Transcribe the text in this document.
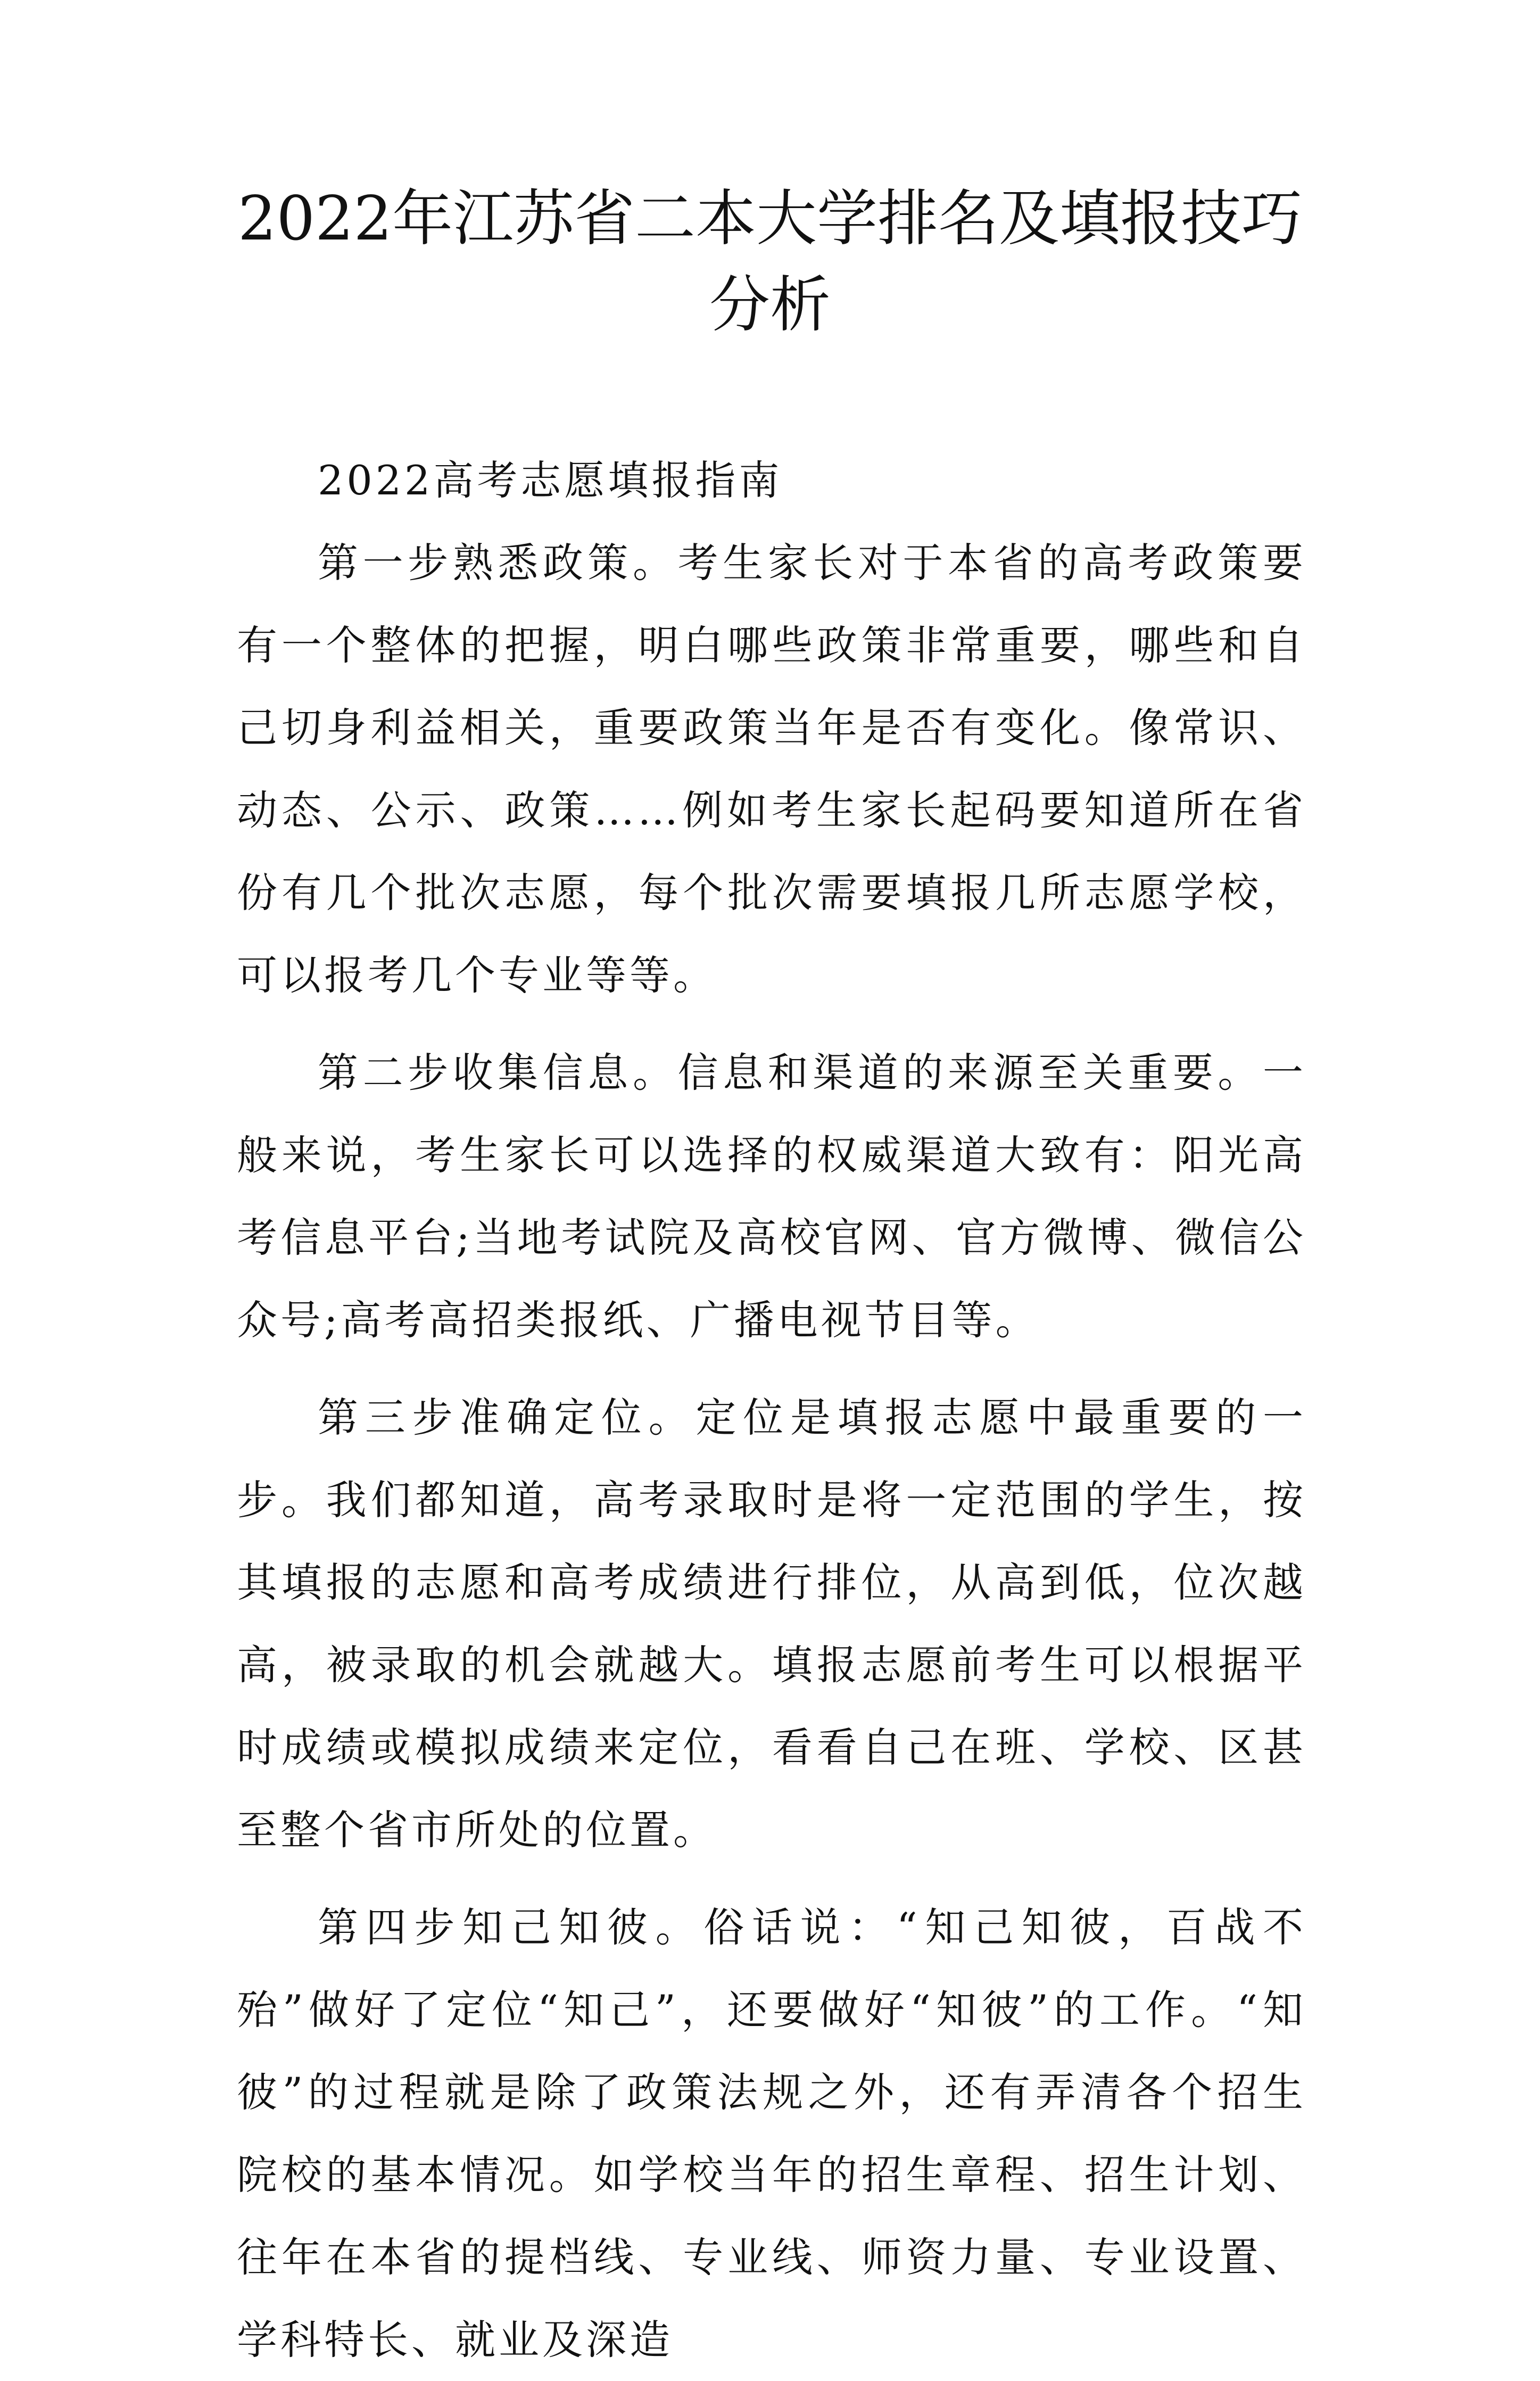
2022年江苏省二本大学排名及填报技巧分析

2022高考志愿填报指南

第一步熟悉政策。考生家长对于本省的高考政策要有一个整体的把握，明白哪些政策非常重要，哪些和自己切身利益相关，重要政策当年是否有变化。像常识、动态、公示、政策……例如考生家长起码要知道所在省份有几个批次志愿，每个批次需要填报几所志愿学校，可以报考几个专业等等。

第二步收集信息。信息和渠道的来源至关重要。一般来说，考生家长可以选择的权威渠道大致有：阳光高考信息平台;当地考试院及高校官网、官方微博、微信公众号;高考高招类报纸、广播电视节目等。

第三步准确定位。定位是填报志愿中最重要的一步。我们都知道，高考录取时是将一定范围的学生，按其填报的志愿和高考成绩进行排位，从高到低，位次越高，被录取的机会就越大。填报志愿前考生可以根据平时成绩或模拟成绩来定位，看看自己在班、学校、区甚至整个省市所处的位置。

第四步知己知彼。俗话说：“知己知彼，百战不殆”做好了定位“知己”，还要做好“知彼”的工作。“知彼”的过程就是除了政策法规之外，还有弄清各个招生院校的基本情况。如学校当年的招生章程、招生计划、往年在本省的提档线、专业线、师资力量、专业设置、学科特长、就业及深造
